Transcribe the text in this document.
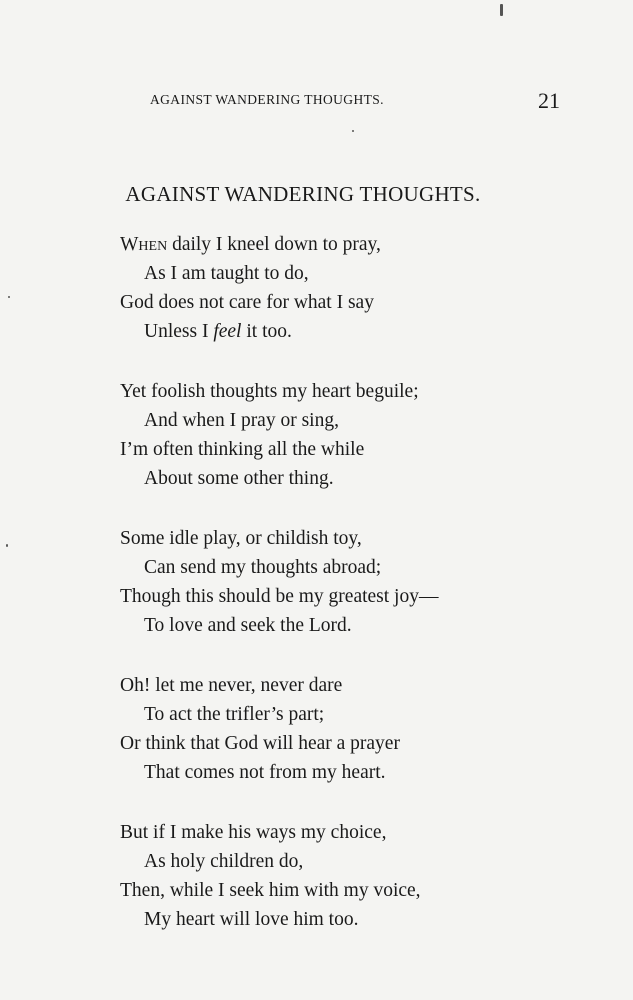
AGAINST WANDERING THOUGHTS.	21
AGAINST WANDERING THOUGHTS.
When daily I kneel down to pray,
As I am taught to do,
God does not care for what I say
Unless I feel it too.
Yet foolish thoughts my heart beguile;
And when I pray or sing,
I’m often thinking all the while
About some other thing.
Some idle play, or childish toy,
Can send my thoughts abroad;
Though this should be my greatest joy—
To love and seek the Lord.
Oh! let me never, never dare
To act the trifler’s part;
Or think that God will hear a prayer
That comes not from my heart.
But if I make his ways my choice,
As holy children do,
Then, while I seek him with my voice,
My heart will love him too.
